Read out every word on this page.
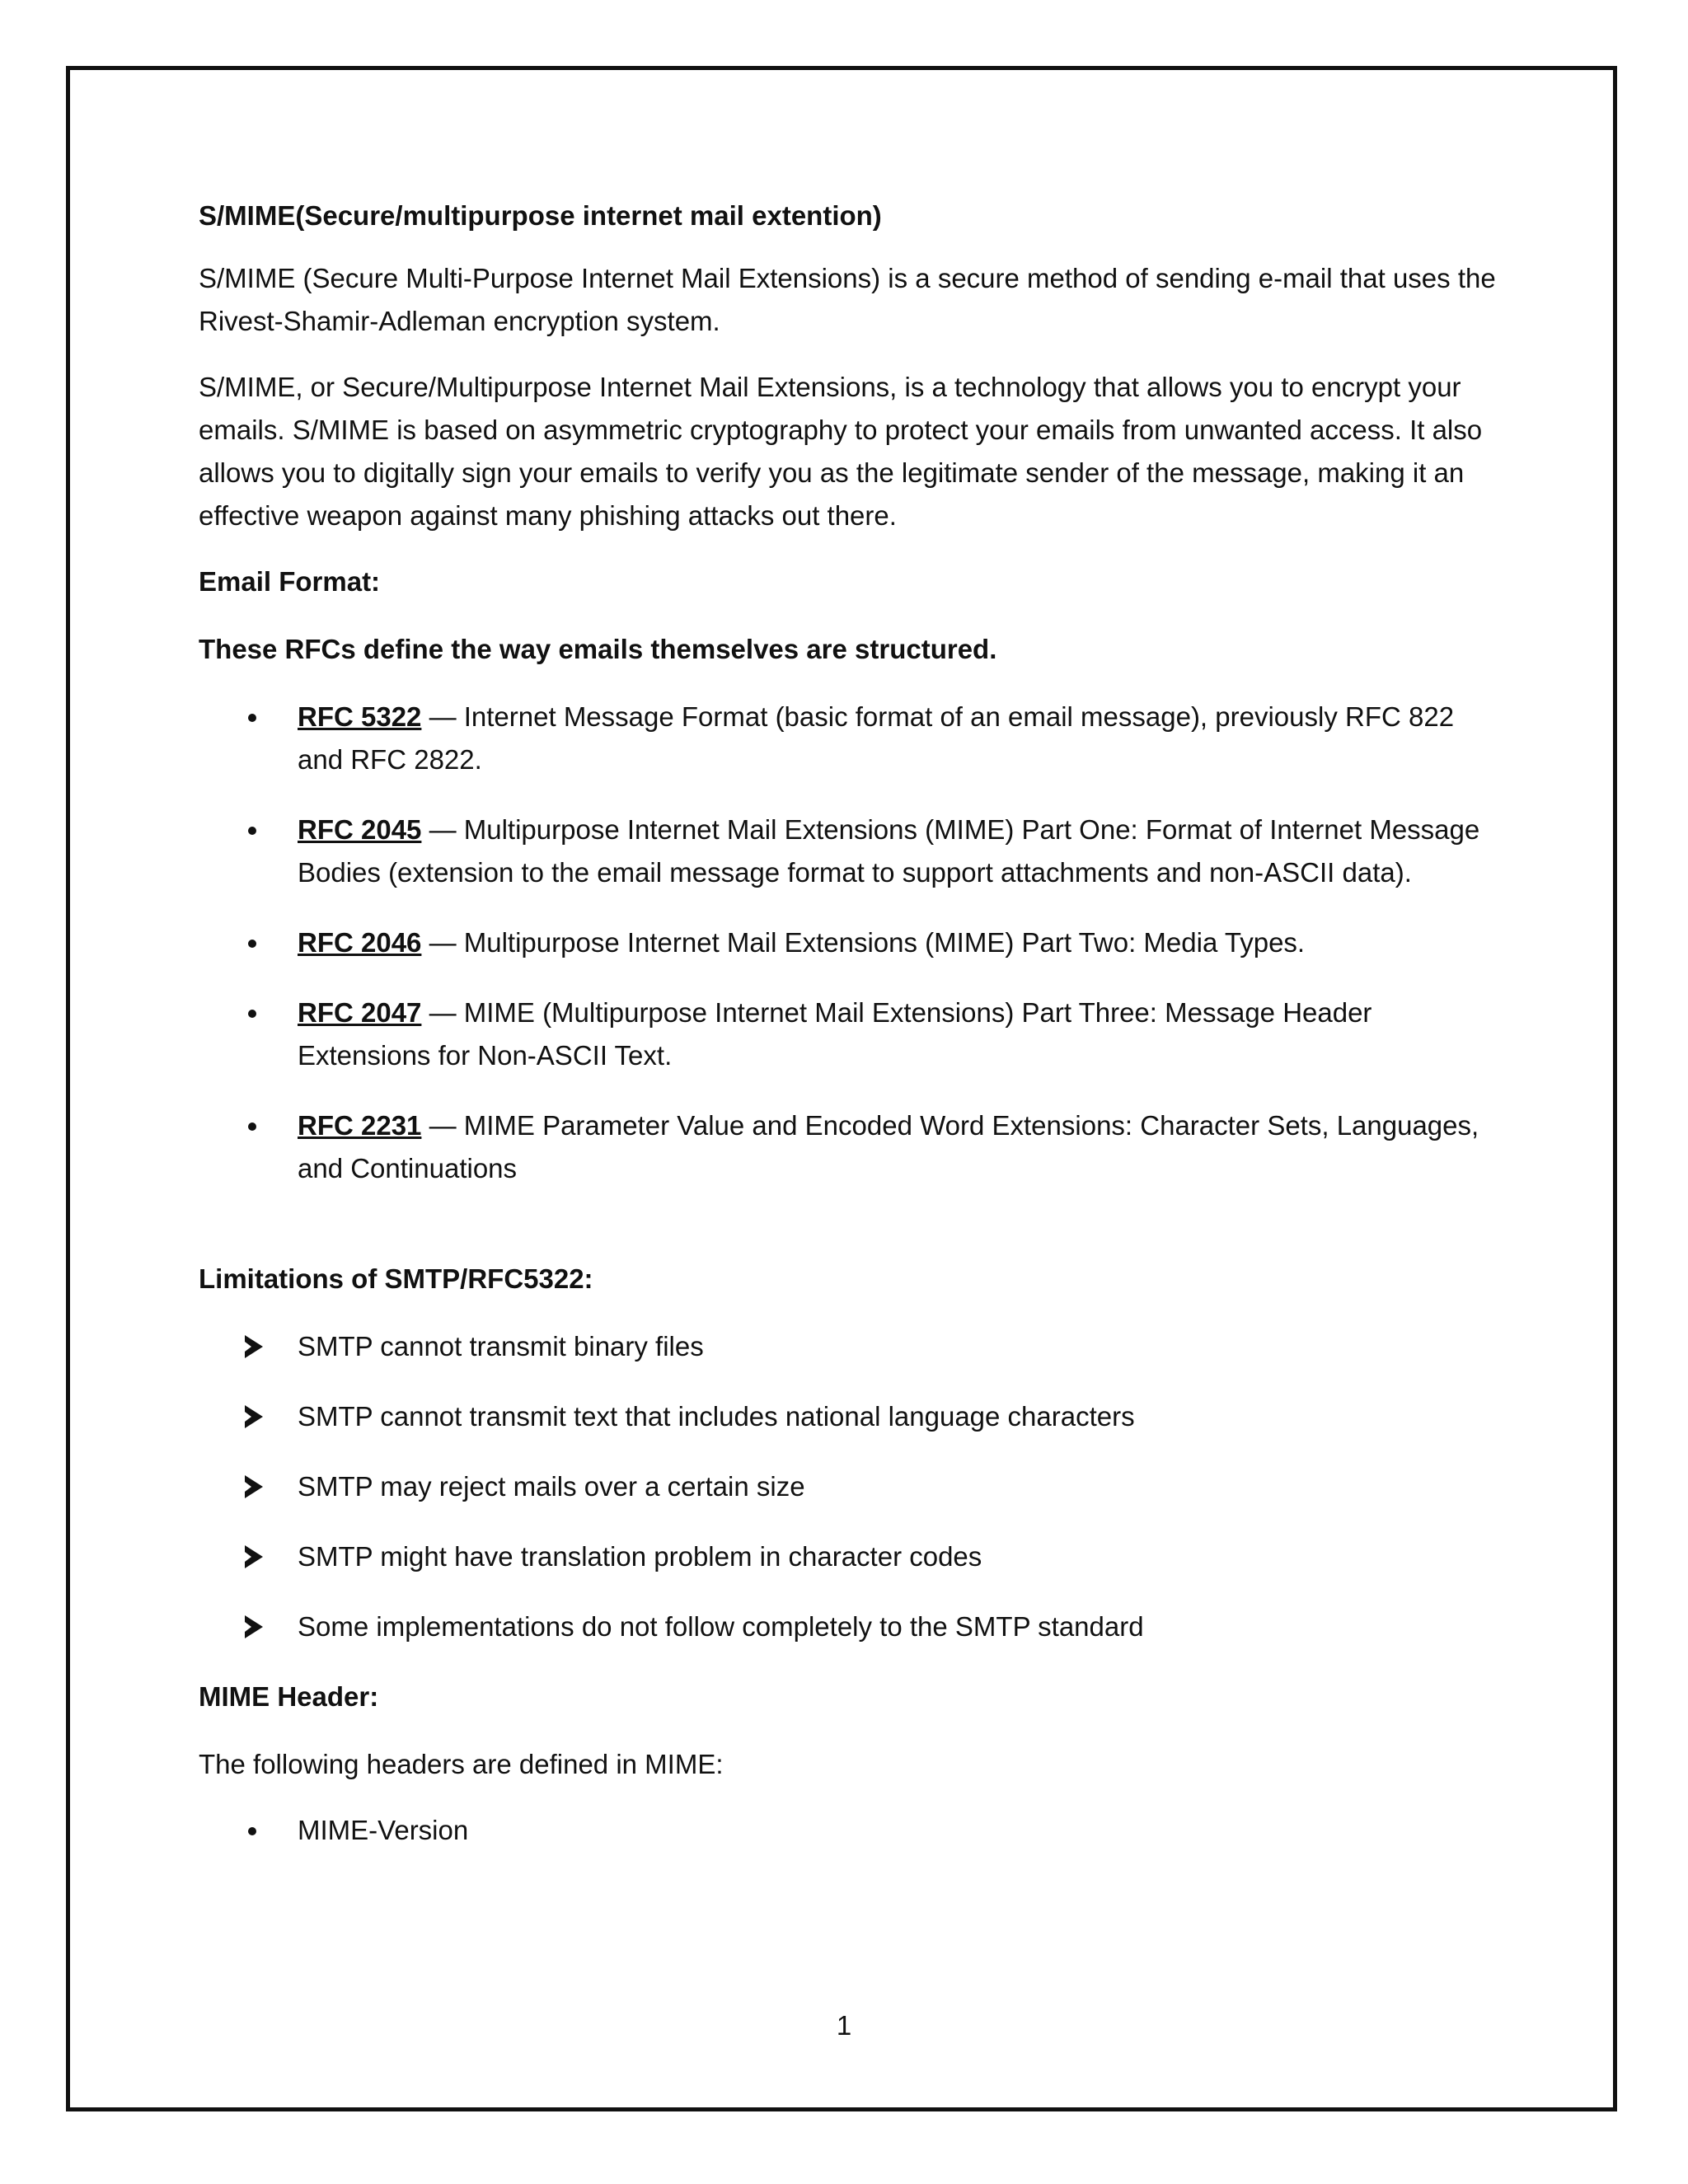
S/MIME(Secure/multipurpose internet mail extention)

S/MIME (Secure Multi-Purpose Internet Mail Extensions) is a secure method of sending e-mail that uses the Rivest-Shamir-Adleman encryption system.

S/MIME, or Secure/Multipurpose Internet Mail Extensions, is a technology that allows you to encrypt your emails. S/MIME is based on asymmetric cryptography to protect your emails from unwanted access. It also allows you to digitally sign your emails to verify you as the legitimate sender of the message, making it an effective weapon against many phishing attacks out there.

Email Format:
These RFCs define the way emails themselves are structured.
RFC 5322 — Internet Message Format (basic format of an email message), previously RFC 822 and RFC 2822.
RFC 2045 — Multipurpose Internet Mail Extensions (MIME) Part One: Format of Internet Message Bodies (extension to the email message format to support attachments and non-ASCII data).
RFC 2046 — Multipurpose Internet Mail Extensions (MIME) Part Two: Media Types.
RFC 2047 — MIME (Multipurpose Internet Mail Extensions) Part Three: Message Header Extensions for Non-ASCII Text.
RFC 2231 — MIME Parameter Value and Encoded Word Extensions: Character Sets, Languages, and Continuations
Limitations of SMTP/RFC5322:
SMTP cannot transmit binary files
SMTP cannot transmit text that includes national language characters
SMTP may reject mails over a certain size
SMTP might have translation problem in character codes
Some implementations do not follow completely to the SMTP standard
MIME Header:

The following headers are defined in MIME:

MIME-Version
1
